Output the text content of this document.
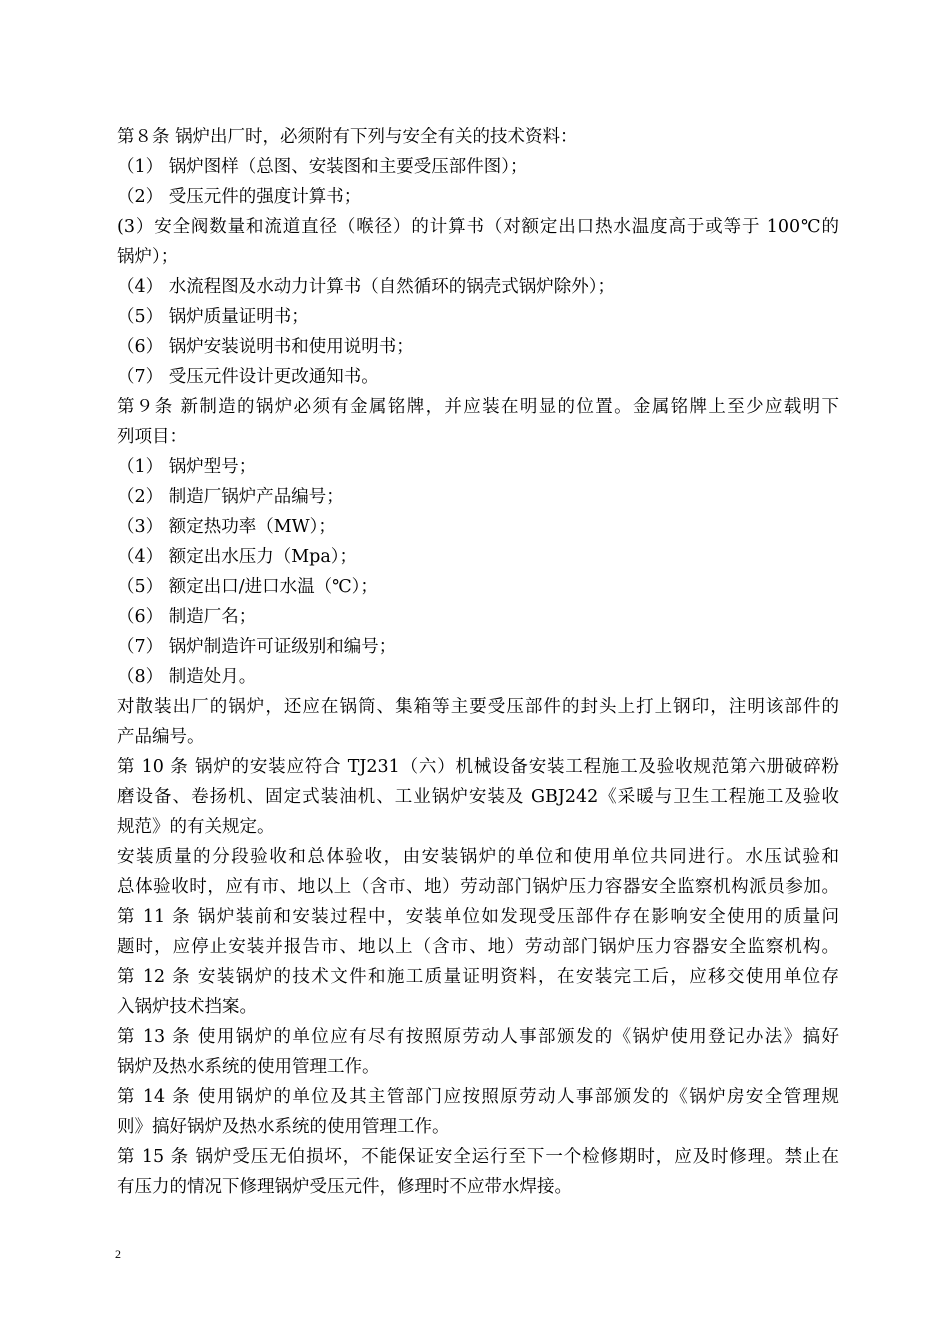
第８条 锅炉出厂时，必须附有下列与安全有关的技术资料：
（1） 锅炉图样（总图、安装图和主要受压部件图）；
（2） 受压元件的强度计算书；
(3）安全阀数量和流道直径（喉径）的计算书（对额定出口热水温度高于或等于 100℃的
锅炉）；
（4） 水流程图及水动力计算书（自然循环的锅壳式锅炉除外）；
（5） 锅炉质量证明书；
（6） 锅炉安装说明书和使用说明书；
（7） 受压元件设计更改通知书。
第９条 新制造的锅炉必须有金属铭牌，并应装在明显的位置。金属铭牌上至少应载明下
列项目：
（1） 锅炉型号；
（2） 制造厂锅炉产品编号；
（3） 额定热功率（MW）；
（4） 额定出水压力（Mpa）；
（5） 额定出口/进口水温（℃）；
（6） 制造厂名；
（7） 锅炉制造许可证级别和编号；
（8） 制造处月。
对散装出厂的锅炉，还应在锅筒、集箱等主要受压部件的封头上打上钢印，注明该部件的
产品编号。
第 10 条 锅炉的安装应符合 TJ231（六）机械设备安装工程施工及验收规范第六册破碎粉
磨设备、卷扬机、固定式装油机、工业锅炉安装及 GBJ242《采暖与卫生工程施工及验收
规范》的有关规定。
安装质量的分段验收和总体验收，由安装锅炉的单位和使用单位共同进行。水压试验和
总体验收时，应有市、地以上（含市、地）劳动部门锅炉压力容器安全监察机构派员参加。
第 11 条 锅炉装前和安装过程中，安装单位如发现受压部件存在影响安全使用的质量问
题时，应停止安装并报告市、地以上（含市、地）劳动部门锅炉压力容器安全监察机构。
第 12 条 安装锅炉的技术文件和施工质量证明资料，在安装完工后，应移交使用单位存
入锅炉技术挡案。
第 13 条 使用锅炉的单位应有尽有按照原劳动人事部颁发的《锅炉使用登记办法》搞好
锅炉及热水系统的使用管理工作。
第 14 条 使用锅炉的单位及其主管部门应按照原劳动人事部颁发的《锅炉房安全管理规
则》搞好锅炉及热水系统的使用管理工作。
第 15 条 锅炉受压无伯损坏，不能保证安全运行至下一个检修期时，应及时修理。禁止在
有压力的情况下修理锅炉受压元件，修理时不应带水焊接。
2
